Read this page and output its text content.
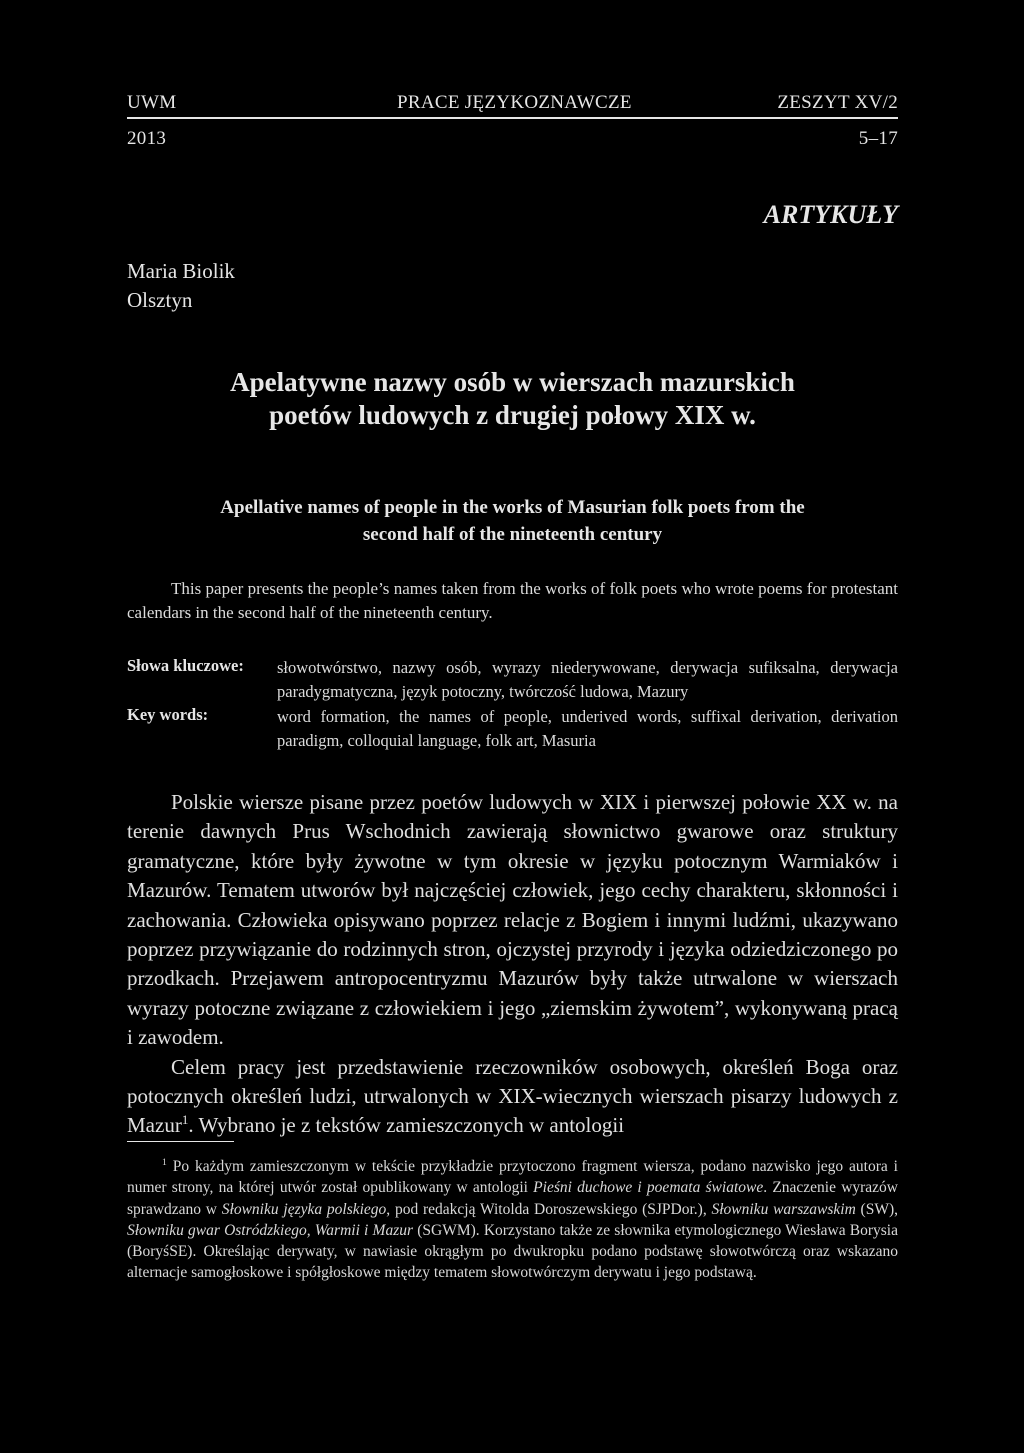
UWM	PRACE JĘZYKOZNAWCZE	ZESZYT XV/2
2013	5–17
ARTYKUŁY
Maria Biolik
Olsztyn
Apelatywne nazwy osób w wierszach mazurskich
poetów ludowych z drugiej połowy XIX w.
Apellative names of people in the works of Masurian folk poets from the
second half of the nineteenth century
This paper presents the people’s names taken from the works of folk poets who wrote poems for protestant calendars in the second half of the nineteenth century.
Słowa kluczowe: słowotwórstwo, nazwy osób, wyrazy niederywowane, derywacja sufiksalna, derywacja paradygmatyczna, język potoczny, twórczość ludowa, Mazury
Key words:	word formation, the names of people, underived words, suffixal derivation, derivation paradigm, colloquial language, folk art, Masuria

Polskie wiersze pisane przez poetów ludowych w XIX i pierwszej połowie XX w. na terenie dawnych Prus Wschodnich zawierają słownictwo gwarowe oraz struktury gramatyczne, które były żywotne w tym okresie w języku potocznym Warmiaków i Mazurów. Tematem utworów był najczęściej człowiek, jego cechy charakteru, skłonności i zachowania. Człowieka opisywano poprzez relacje z Bogiem i innymi ludźmi, ukazywano poprzez przywiązanie do rodzinnych stron, ojczystej przyrody i języka odziedziczonego po przodkach. Przejawem antropocentryzmu Mazurów były także utrwalone w wierszach wyrazy potoczne związane z człowiekiem i jego „ziemskim żywotem”, wykonywaną pracą i zawodem.

Celem pracy jest przedstawienie rzeczowników osobowych, określeń Boga oraz potocznych określeń ludzi, utrwalonych w XIX-wiecznych wierszach pisarzy ludowych z Mazur$^1$. Wybrano je z tekstów zamieszczonych w antologii

$^1$ Po każdym zamieszczonym w tekście przykładzie przytoczono fragment wiersza, podano nazwisko jego autora i numer strony, na której utwór został opublikowany w antologii Pieśni duchowe i poemata światowe. Znaczenie wyrazów sprawdzano w Słowniku języka polskiego, pod redakcją Witolda Doroszewskiego (SJPDor.), Słowniku warszawskim (SW), Słowniku gwar Ostródzkiego, Warmii i Mazur (SGWM). Korzystano także ze słownika etymologicznego Wiesława Borysia (BoryśSE). Określając derywaty, w nawiasie okrągłym po dwukropku podano podstawę słowotwórczą oraz wskazano alternacje samogłoskowe i spółgłoskowe między tematem słowotwórczym derywatu i jego podstawą.
